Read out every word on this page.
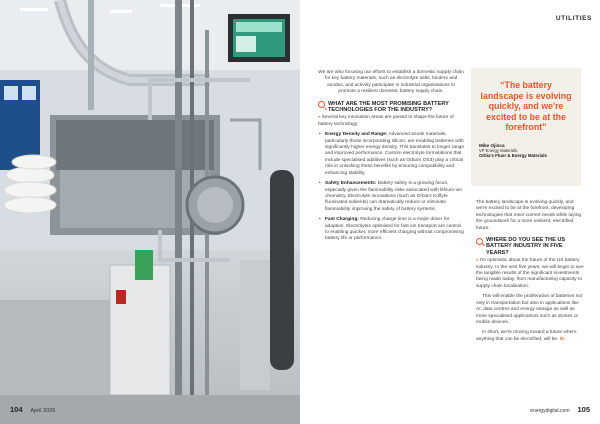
104 April 2026
UTILITIES

We are also focusing our efforts to establish a domestic supply chain for key battery materials, such as electrolyte salts, binders and anodes, and actively participate in industrial organisations to promote a resilient domestic battery supply chain.

WHAT ARE THE MOST PROMISING BATTERY TECHNOLOGIES FOR THE INDUSTRY?

»Several key innovation areas are poised to shape the future of battery technology:

• Energy Density and Range: Advanced anode materials, particularly those incorporating silicon, are enabling batteries with significantly higher energy density. This translates to longer range and improved performance. Custom electrolyte formulations that include specialised additives (such as Orbia's OS3) play a critical role in unlocking these benefits by ensuring compatibility and enhancing stability.
• Safety Enhancements: Battery safety is a growing focus, especially given the flammability risks associated with lithium-ion chemistry. Electrolyte innovations (such as Orbia's Koflyte fluorinated solvents) can dramatically reduce or eliminate flammability improving the safety of battery systems.
• Fast Charging: Reducing charge time is a major driver for adoption. Electrolytes optimised for fast ion transport are central to enabling quicker, more efficient charging without compromising battery life or performance.
“The battery landscape is evolving quickly, and we're excited to be at the forefront”
Mike Ojinca
VP Energy Materials,
Orbia's Fluor & Energy Materials

The battery landscape is evolving quickly, and we're excited to be at the forefront, developing technologies that meet current needs while laying the groundwork for a more resilient, electrified future.

WHERE DO YOU SEE THE US BATTERY INDUSTRY IN FIVE YEARS?

»I'm optimistic about the future of the US battery industry. In the next five years, we will begin to see the tangible results of the significant investments being made today, from manufacturing capacity to supply chain localisation.

This will enable the proliferation of batteries not only in transportation but also in applications like AI, data centres and energy storage as well as more specialised applications such as drones or mobile devices.

In short, we're moving toward a future where anything that can be electrified, will be. ⊙

energydigital.com 105
